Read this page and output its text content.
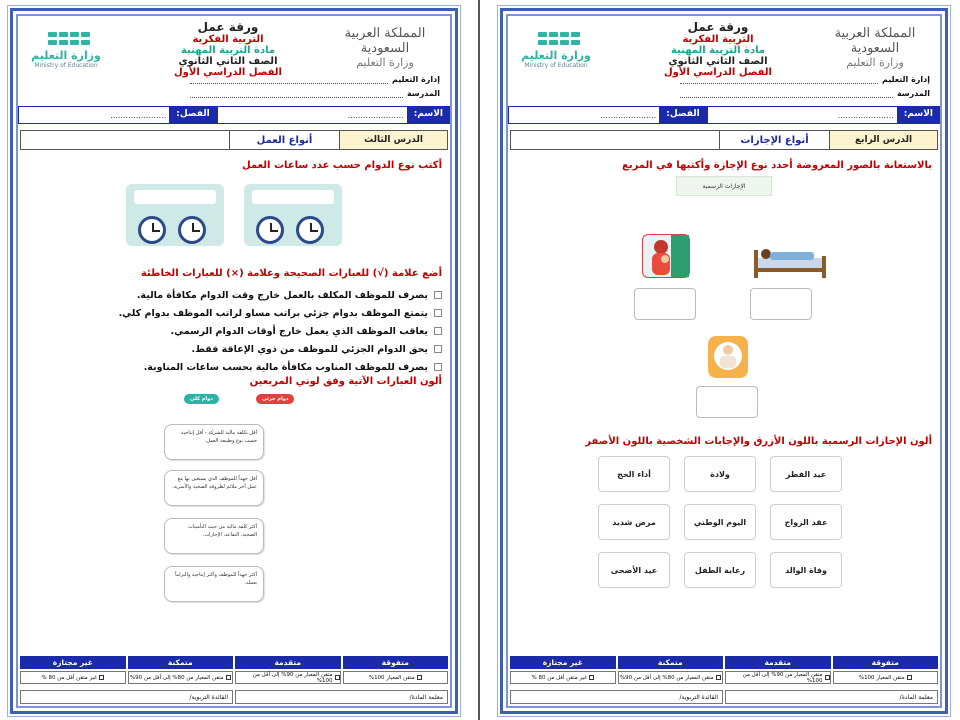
وزارة التعليم
Ministry of Education
ورقة عمل
التربية الفكرية
مادة التربية المهنية
الصف الثاني الثانوي
الفصل الدراسي الأول
المملكة العربية السعودية
وزارة التعليم
إدارة التعليم
المدرسة
الاسم:
......................
الفصل:
......................
الدرس الثالث
أنواع العمل
أكتب نوع الدوام حسب عدد ساعات العمل
أضع علامة (√) للعبارات الصحيحة وعلامة (×) للعبارات الخاطئة
يصرف للموظف المكلف بالعمل خارج وقت الدوام مكافأة مالية.
يتمتع الموظف بدوام جزئي براتب مساو لراتب الموظف بدوام كلي.
يعاقب الموظف الذي يعمل خارج أوقات الدوام الرسمي.
يحق الدوام الجزئي للموظف من ذوي الإعاقة فقط.
يصرف للموظف المناوب مكافأة مالية بحسب ساعات المناوبة.
ألون العبارات الآتية وفق لوني المربعين
دوام جزئي
دوام كلي
أقل تكلفة مالية للشركة - أقل إنتاجية حسب نوع وطبيعة العمل.
أقل جهداً للموظف الذي يستعين بها مع عمل آخر ملائم لظروفه الصحية والأسرية.
أكثر كلفة مالية من حيث التأمينات الصحية، التقاعد، الإجازات.
أكثر جهداً للموظف وأكثر إنتاجية والتزاماً بعمله.
متفوقة
متقدمة
متمكنة
غير مجتازة
متقن المعيار 100%
متقن المعيار من 90% إلى أقل من 100%
متقن المعيار من 80% إلى أقل من 90%
غير متقن أقل من 80 %
معلمة المادة/
القائدة التربوية/
وزارة التعليم
Ministry of Education
ورقة عمل
التربية الفكرية
مادة التربية المهنية
الصف الثاني الثانوي
الفصل الدراسي الأول
المملكة العربية السعودية
وزارة التعليم
إدارة التعليم
المدرسة
الاسم:
......................
الفصل:
......................
الدرس الرابع
أنواع الإجازات
بالاستعانة بالصور المعروضة أحدد نوع الإجازة وأكتبها في المربع
الإجازات الرسمية
ألون الإجازات الرسمية باللون الأزرق والإجابات الشخصية باللون الأصفر
عيد الفطر
ولادة
أداء الحج
عقد الزواج
اليوم الوطني
مرض شديد
وفاة الوالد
رعاية الطفل
عيد الأضحى
متفوقة
متقدمة
متمكنة
غير مجتازة
متقن المعيار 100%
متقن المعيار من 90% إلى أقل من 100%
متقن المعيار من 80% إلى أقل من 90%
غير متقن أقل من 80 %
معلمة المادة/
القائدة التربوية/
